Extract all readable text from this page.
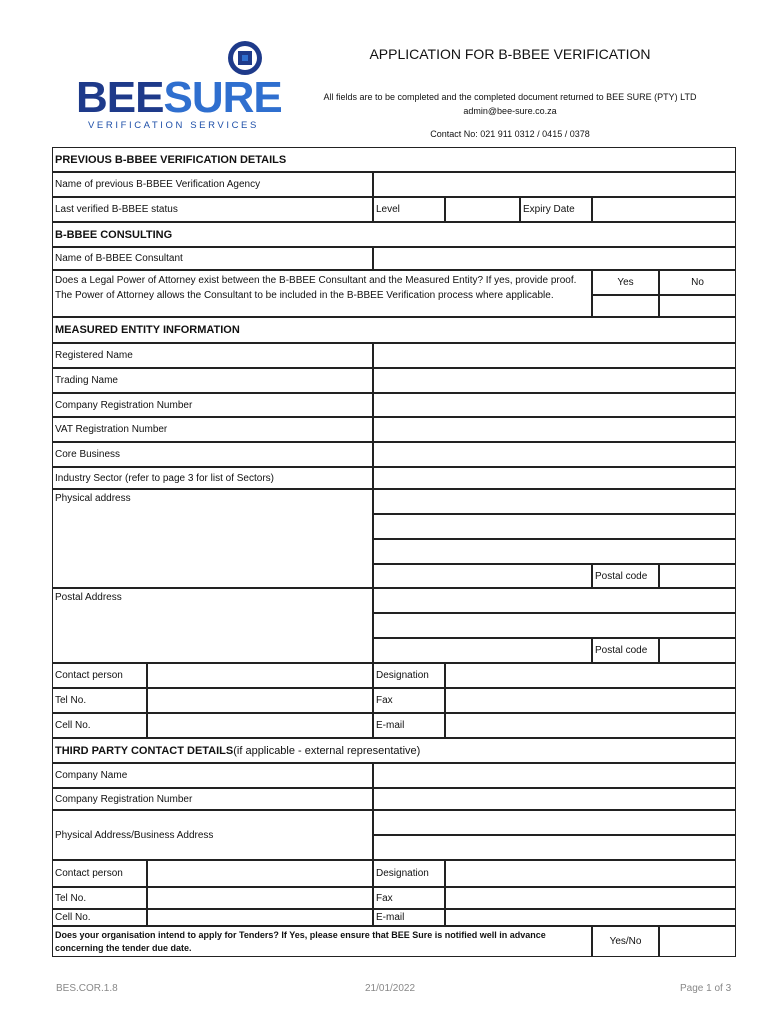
BEESURE
VERIFICATION SERVICES
APPLICATION FOR B-BBEE VERIFICATION
All fields are to be completed and the completed document returned to BEE SURE (PTY) LTD
admin@bee-sure.co.za
Contact No: 021 911 0312 / 0415 / 0378
PREVIOUS B-BBEE VERIFICATION DETAILS
Name of previous B-BBEE Verification Agency
Last verified B-BBEE status	Level	Expiry Date
B-BBEE CONSULTING
Name of B-BBEE Consultant
Does a Legal Power of Attorney exist between the B-BBEE Consultant and the Measured Entity? If yes, provide proof. The Power of Attorney allows the Consultant to be included in the B-BBEE Verification process where applicable.
Yes	No
MEASURED ENTITY INFORMATION
Registered Name
Trading Name
Company Registration Number
VAT Registration Number
Core Business
Industry Sector (refer to page 3 for list of Sectors)
Physical address
Postal code
Postal Address
Postal code
Contact person	Designation
Tel No.	Fax
Cell No.	E-mail
THIRD PARTY CONTACT DETAILS (if applicable - external representative)
Company Name
Company Registration Number
Physical Address/Business Address
Contact person	Designation
Tel No.	Fax
Cell No.	E-mail
Does your organisation intend to apply for Tenders? If Yes, please ensure that BEE Sure is notified well in advance concerning the tender due date.
Yes/No
BES.COR.1.8	21/01/2022	Page 1 of 3
